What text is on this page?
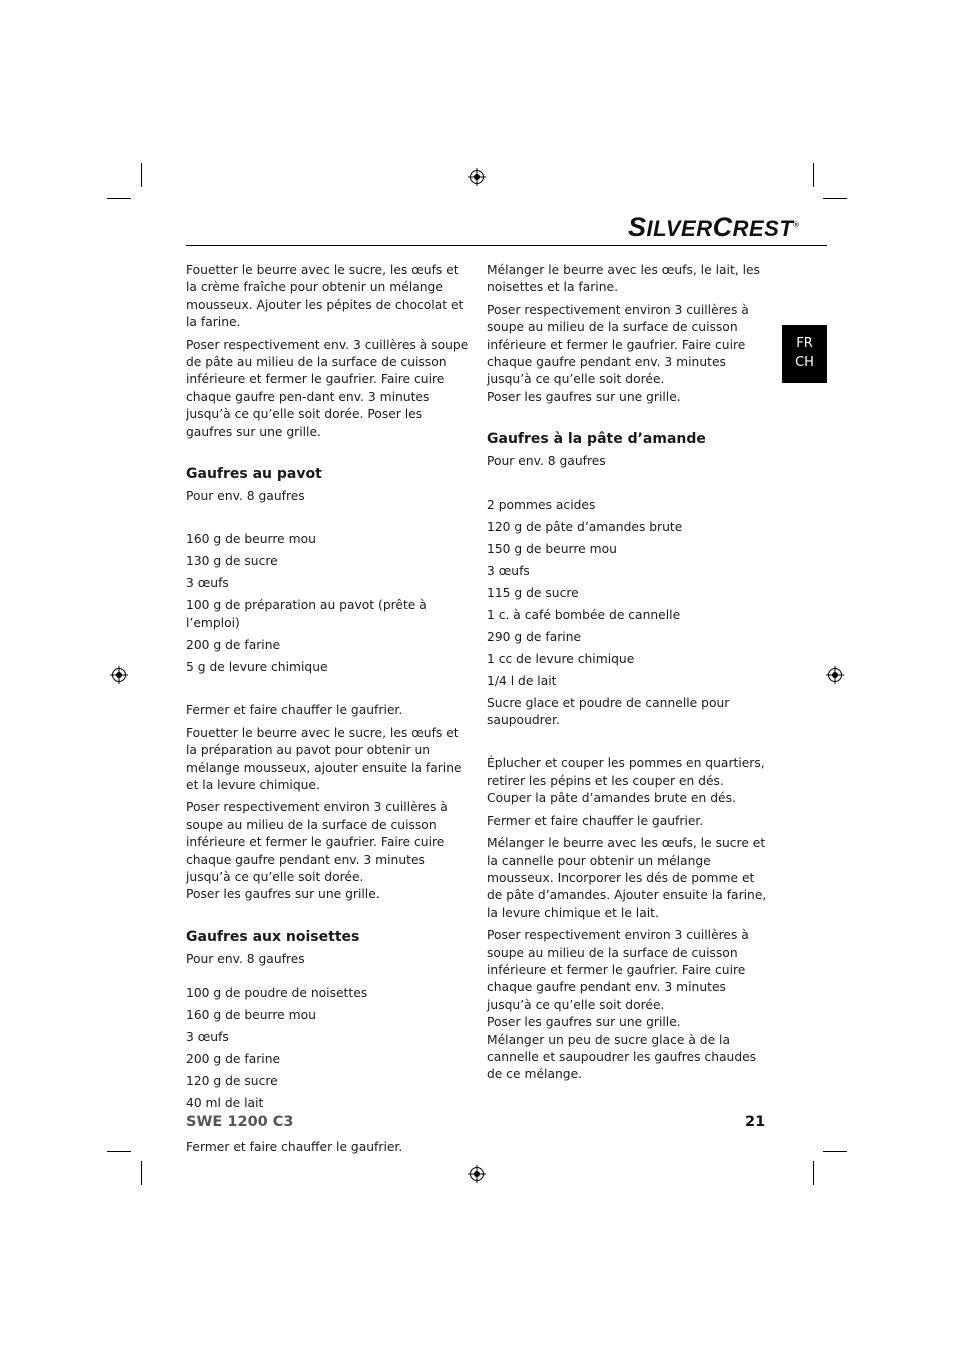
SILVERCREST®
FR
CH

Fouetter le beurre avec le sucre, les œufs et la crème fraîche pour obtenir un mélange mousseux. Ajouter les pépites de chocolat et la farine.

Poser respectivement env. 3 cuillères à soupe de pâte au milieu de la surface de cuisson inférieure et fermer le gaufrier. Faire cuire chaque gaufre pen-dant env. 3 minutes jusqu’à ce qu’elle soit dorée. Poser les gaufres sur une grille.

Gaufres au pavot

Pour env. 8 gaufres

160 g de beurre mou
130 g de sucre
3 œufs
100 g de préparation au pavot (prête à l’emploi)
200 g de farine
5 g de levure chimique

Fermer et faire chauffer le gaufrier.

Fouetter le beurre avec le sucre, les œufs et la préparation au pavot pour obtenir un mélange mousseux, ajouter ensuite la farine et la levure chimique.

Poser respectivement environ 3 cuillères à soupe au milieu de la surface de cuisson inférieure et fermer le gaufrier. Faire cuire chaque gaufre pendant env. 3 minutes jusqu’à ce qu’elle soit dorée.

Poser les gaufres sur une grille.

Gaufres aux noisettes

Pour env. 8 gaufres

100 g de poudre de noisettes
160 g de beurre mou
3 œufs
200 g de farine
120 g de sucre
40 ml de lait

Fermer et faire chauffer le gaufrier.

Mélanger le beurre avec les œufs, le lait, les noisettes et la farine.

Poser respectivement environ 3 cuillères à soupe au milieu de la surface de cuisson inférieure et fermer le gaufrier. Faire cuire chaque gaufre pendant env. 3 minutes jusqu’à ce qu’elle soit dorée.

Poser les gaufres sur une grille.

Gaufres à la pâte d’amande

Pour env. 8 gaufres

2 pommes acides
120 g de pâte d’amandes brute
150 g de beurre mou
3 œufs
115 g de sucre
1 c. à café bombée de cannelle
290 g de farine
1 cc de levure chimique
1/4 l de lait
Sucre glace et poudre de cannelle pour saupoudrer.

Éplucher et couper les pommes en quartiers, retirer les pépins et les couper en dés. Couper la pâte d’amandes brute en dés.

Fermer et faire chauffer le gaufrier.

Mélanger le beurre avec les œufs, le sucre et la cannelle pour obtenir un mélange mousseux. Incorporer les dés de pomme et de pâte d’amandes. Ajouter ensuite la farine, la levure chimique et le lait.

Poser respectivement environ 3 cuillères à soupe au milieu de la surface de cuisson inférieure et fermer le gaufrier. Faire cuire chaque gaufre pendant env. 3 minutes jusqu’à ce qu’elle soit dorée.

Poser les gaufres sur une grille.

Mélanger un peu de sucre glace à de la cannelle et saupoudrer les gaufres chaudes de ce mélange.

SWE 1200 C3	21
